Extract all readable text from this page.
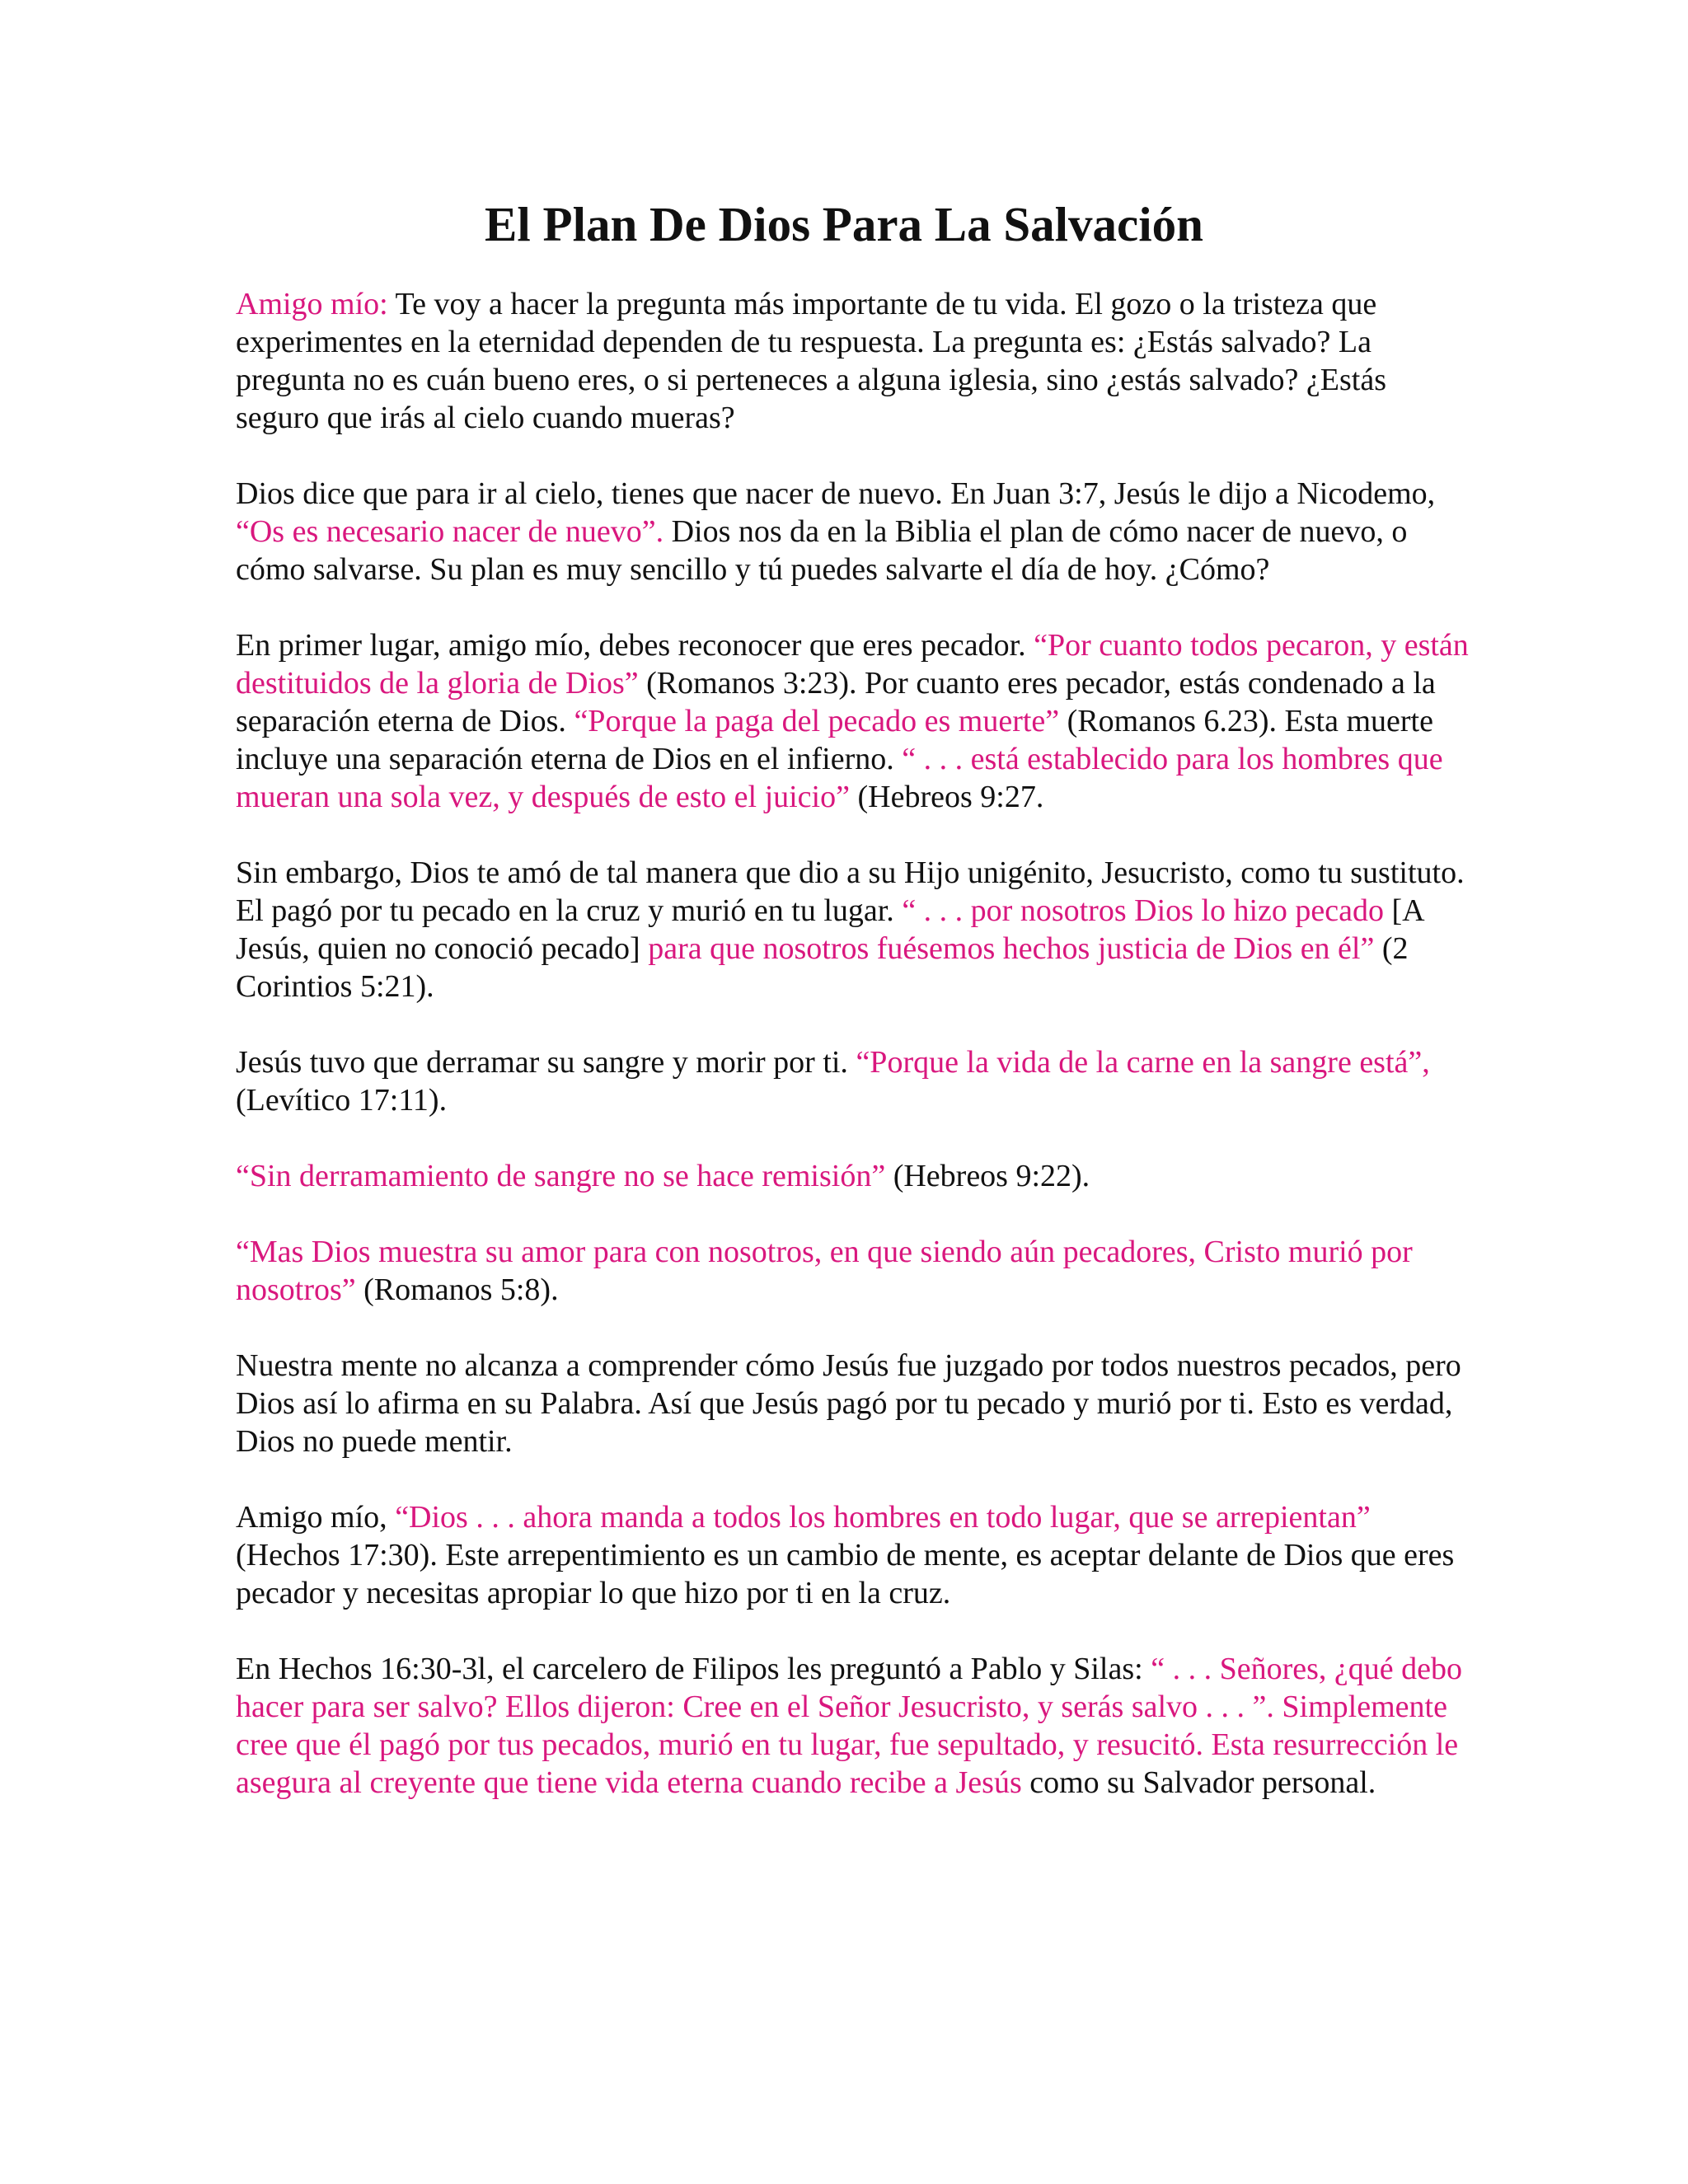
El Plan De Dios Para La Salvación

Amigo mío: Te voy a hacer la pregunta más importante de tu vida. El gozo o la tristeza que experimentes en la eternidad dependen de tu respuesta. La pregunta es: ¿Estás salvado? La pregunta no es cuán bueno eres, o si perteneces a alguna iglesia, sino ¿estás salvado? ¿Estás seguro que irás al cielo cuando mueras?

Dios dice que para ir al cielo, tienes que nacer de nuevo. En Juan 3:7, Jesús le dijo a Nicodemo, “Os es necesario nacer de nuevo”. Dios nos da en la Biblia el plan de cómo nacer de nuevo, o cómo salvarse. Su plan es muy sencillo y tú puedes salvarte el día de hoy. ¿Cómo?

En primer lugar, amigo mío, debes reconocer que eres pecador. “Por cuanto todos pecaron, y están destituidos de la gloria de Dios” (Romanos 3:23). Por cuanto eres pecador, estás condenado a la separación eterna de Dios. “Porque la paga del pecado es muerte” (Romanos 6.23). Esta muerte incluye una separación eterna de Dios en el infierno. “ . . . está establecido para los hombres que mueran una sola vez, y después de esto el juicio” (Hebreos 9:27.

Sin embargo, Dios te amó de tal manera que dio a su Hijo unigénito, Jesucristo, como tu sustituto. El pagó por tu pecado en la cruz y murió en tu lugar. “ . . . por nosotros Dios lo hizo pecado [A Jesús, quien no conoció pecado] para que nosotros fuésemos hechos justicia de Dios en él” (2 Corintios 5:21).

Jesús tuvo que derramar su sangre y morir por ti. “Porque la vida de la carne en la sangre está”, (Levítico 17:11).

“Sin derramamiento de sangre no se hace remisión” (Hebreos 9:22).

“Mas Dios muestra su amor para con nosotros, en que siendo aún pecadores, Cristo murió por nosotros” (Romanos 5:8).

Nuestra mente no alcanza a comprender cómo Jesús fue juzgado por todos nuestros pecados, pero Dios así lo afirma en su Palabra. Así que Jesús pagó por tu pecado y murió por ti. Esto es verdad, Dios no puede mentir.

Amigo mío, “Dios . . . ahora manda a todos los hombres en todo lugar, que se arrepientan” (Hechos 17:30). Este arrepentimiento es un cambio de mente, es aceptar delante de Dios que eres pecador y necesitas apropiar lo que hizo por ti en la cruz.

En Hechos 16:30-3l, el carcelero de Filipos les preguntó a Pablo y Silas: “ . . . Señores, ¿qué debo hacer para ser salvo? Ellos dijeron: Cree en el Señor Jesucristo, y serás salvo . . . ”. Simplemente cree que él pagó por tus pecados, murió en tu lugar, fue sepultado, y resucitó. Esta resurrección le asegura al creyente que tiene vida eterna cuando recibe a Jesús como su Salvador personal.
